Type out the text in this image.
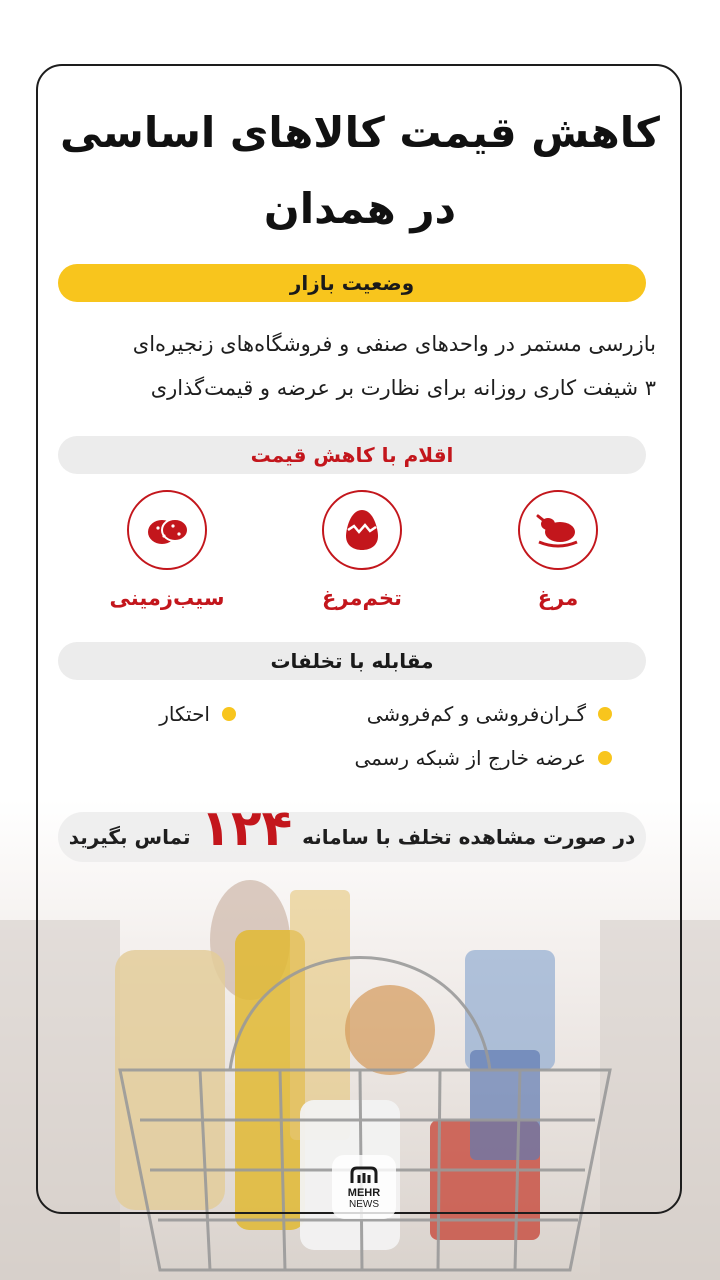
کاهش قیمت کالاهای اساسی
در همدان
وضعیت بازار
بازرسی مستمر در واحدهای صنفی و فروشگاه‌های زنجیره‌ای
۳ شیفت کاری روزانه برای نظارت بر عرضه و قیمت‌گذاری
اقلام با کاهش قیمت
مرغ
تخم‌مرغ
سیب‌زمینی
مقابله با تخلفات
گـران‌فروشی و کم‌فروشی
احتکار
عرضه خارج از شبکه رسمی
در صورت مشاهده تخلف با سامانه
۱۲۴
تماس بگیرید
MEHR
NEWS
